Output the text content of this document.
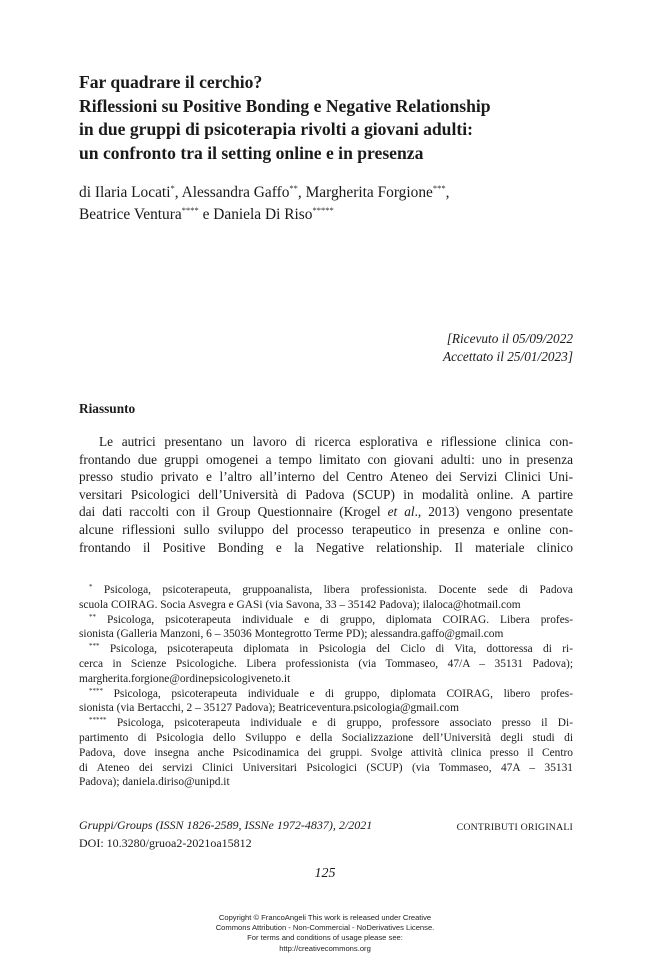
Far quadrare il cerchio?
Riflessioni su Positive Bonding e Negative Relationship
in due gruppi di psicoterapia rivolti a giovani adulti:
un confronto tra il setting online e in presenza
di Ilaria Locati*, Alessandra Gaffo**, Margherita Forgione***,
Beatrice Ventura**** e Daniela Di Riso*****
[Ricevuto il 05/09/2022
Accettato il 25/01/2023]
Riassunto
Le autrici presentano un lavoro di ricerca esplorativa e riflessione clinica con-
frontando due gruppi omogenei a tempo limitato con giovani adulti: uno in presenza
presso studio privato e l’altro all’interno del Centro Ateneo dei Servizi Clinici Uni-
versitari Psicologici dell’Università di Padova (SCUP) in modalità online. A partire
dai dati raccolti con il Group Questionnaire (Krogel et al., 2013) vengono presentate
alcune riflessioni sullo sviluppo del processo terapeutico in presenza e online con-
frontando il Positive Bonding e la Negative relationship. Il materiale clinico
* Psicologa, psicoterapeuta, gruppoanalista, libera professionista. Docente sede di Padova
scuola COIRAG. Socia Asvegra e GASi (via Savona, 33 – 35142 Padova); ilaloca@hotmail.com
** Psicologa, psicoterapeuta individuale e di gruppo, diplomata COIRAG. Libera profes-
sionista (Galleria Manzoni, 6 – 35036 Montegrotto Terme PD); alessandra.gaffo@gmail.com
*** Psicologa, psicoterapeuta diplomata in Psicologia del Ciclo di Vita, dottoressa di ri-
cerca in Scienze Psicologiche. Libera professionista (via Tommaseo, 47/A – 35131 Padova);
margherita.forgione@ordinepsicologiveneto.it
**** Psicologa, psicoterapeuta individuale e di gruppo, diplomata COIRAG, libero profes-
sionista (via Bertacchi, 2 – 35127 Padova); Beatriceventura.psicologia@gmail.com
***** Psicologa, psicoterapeuta individuale e di gruppo, professore associato presso il Di-
partimento di Psicologia dello Sviluppo e della Socializzazione dell’Università degli studi di
Padova, dove insegna anche Psicodinamica dei gruppi. Svolge attività clinica presso il Centro
di Ateneo dei servizi Clinici Universitari Psicologici (SCUP) (via Tommaseo, 47A – 35131
Padova); daniela.diriso@unipd.it
Gruppi/Groups (ISSN 1826-2589, ISSNe 1972-4837), 2/2021	CONTRIBUTI ORIGINALI
DOI: 10.3280/gruoa2-2021oa15812
125
Copyright © FrancoAngeli This work is released under Creative
Commons Attribution - Non-Commercial - NoDerivatives License.
For terms and conditions of usage please see:
http://creativecommons.org
